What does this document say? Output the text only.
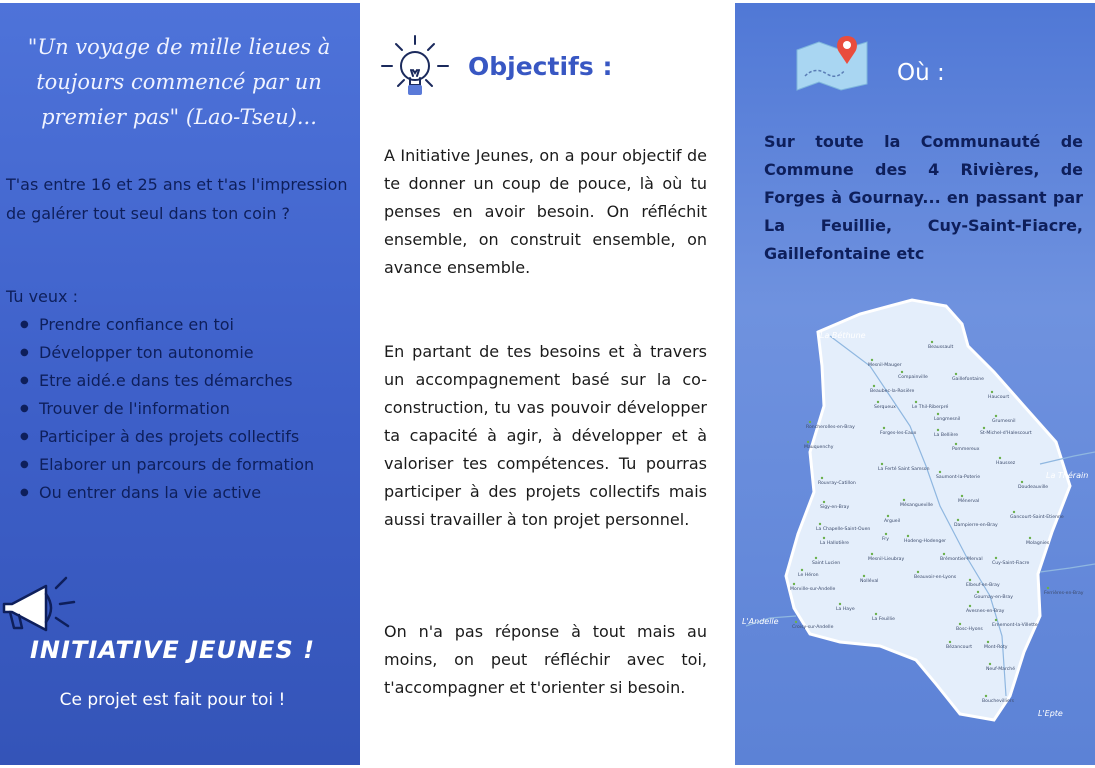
"Un voyage de mille lieues à toujours commencé par un premier pas" (Lao-Tseu)...
T'as entre 16 et 25 ans et t'as l'impression de galérer tout seul dans ton coin ?
Tu veux :
● Prendre confiance en toi
● Développer ton autonomie
● Etre aidé.e dans tes démarches
● Trouver de l'information
● Participer à des projets collectifs
● Elaborer un parcours de formation
● Ou entrer dans la vie active
INITIATIVE JEUNES !
Ce projet est fait pour toi !
Objectifs :

A Initiative Jeunes, on a pour objectif de te donner un coup de pouce, là où tu penses en avoir besoin. On réfléchit ensemble, on construit ensemble, on avance ensemble.

En partant de tes besoins et à travers un accompagnement basé sur la co-construction, tu vas pouvoir développer ta capacité à agir, à développer et à valoriser tes compétences. Tu pourras participer à des projets collectifs mais aussi travailler à ton projet personnel.

On n'a pas réponse à tout mais au moins, on peut réfléchir avec toi, t'accompagner et t'orienter si besoin.

Où :

Sur toute la Communauté de Commune des 4 Rivières, de Forges à Gournay... en passant par La Feuillie, Cuy-Saint-Fiacre, Gaillefontaine etc

La Béthune
La Thérain
L'Andelle
L'Epte
Beaussault
Mesnil-Mauger
Compainville	Gaillefontaine
Beaubec-la-Rosière
Haucourt
Serqueux	Le Thil-Riberpré
Longmesnil	Grumesnil
Roncherolles-en-Bray
Forges-les-Eaux	La Bellière	St-Michel-d'Halescourt
Mauquenchy	Pommereux
Haussez
La Ferté Saint Samson
Saumont-la-Poterie
Doudeauville
Rouvray-Catillon
Ménerval
Mésangueville
Sigy-en-Bray
Argueil
Dampierre-en-Bray
Gancourt-Saint-Etienne
La Chapelle-Saint-Ouen
Fry	Hodeng-Hodenger	Molagnies
La Hallotière
Brémontier-Merval
Cuy-Saint-Fiacre
Saint Lucien
Mesnil-Lieubray
Beauvoir-en-Lyons
Le Héron
Nolléval
Elbeuf-en-Bray
Ferrières-en-Bray
Morville-sur-Andelle
Gournay-en-Bray
La Haye	Avesnes-en-Bray
La Feuillie
Croisy-sur-Andelle	Ernemont-la-Villette
Bosc-Hyons
Bézancourt	Mont-Roty
Neuf-Marché
Bouchevilliers
